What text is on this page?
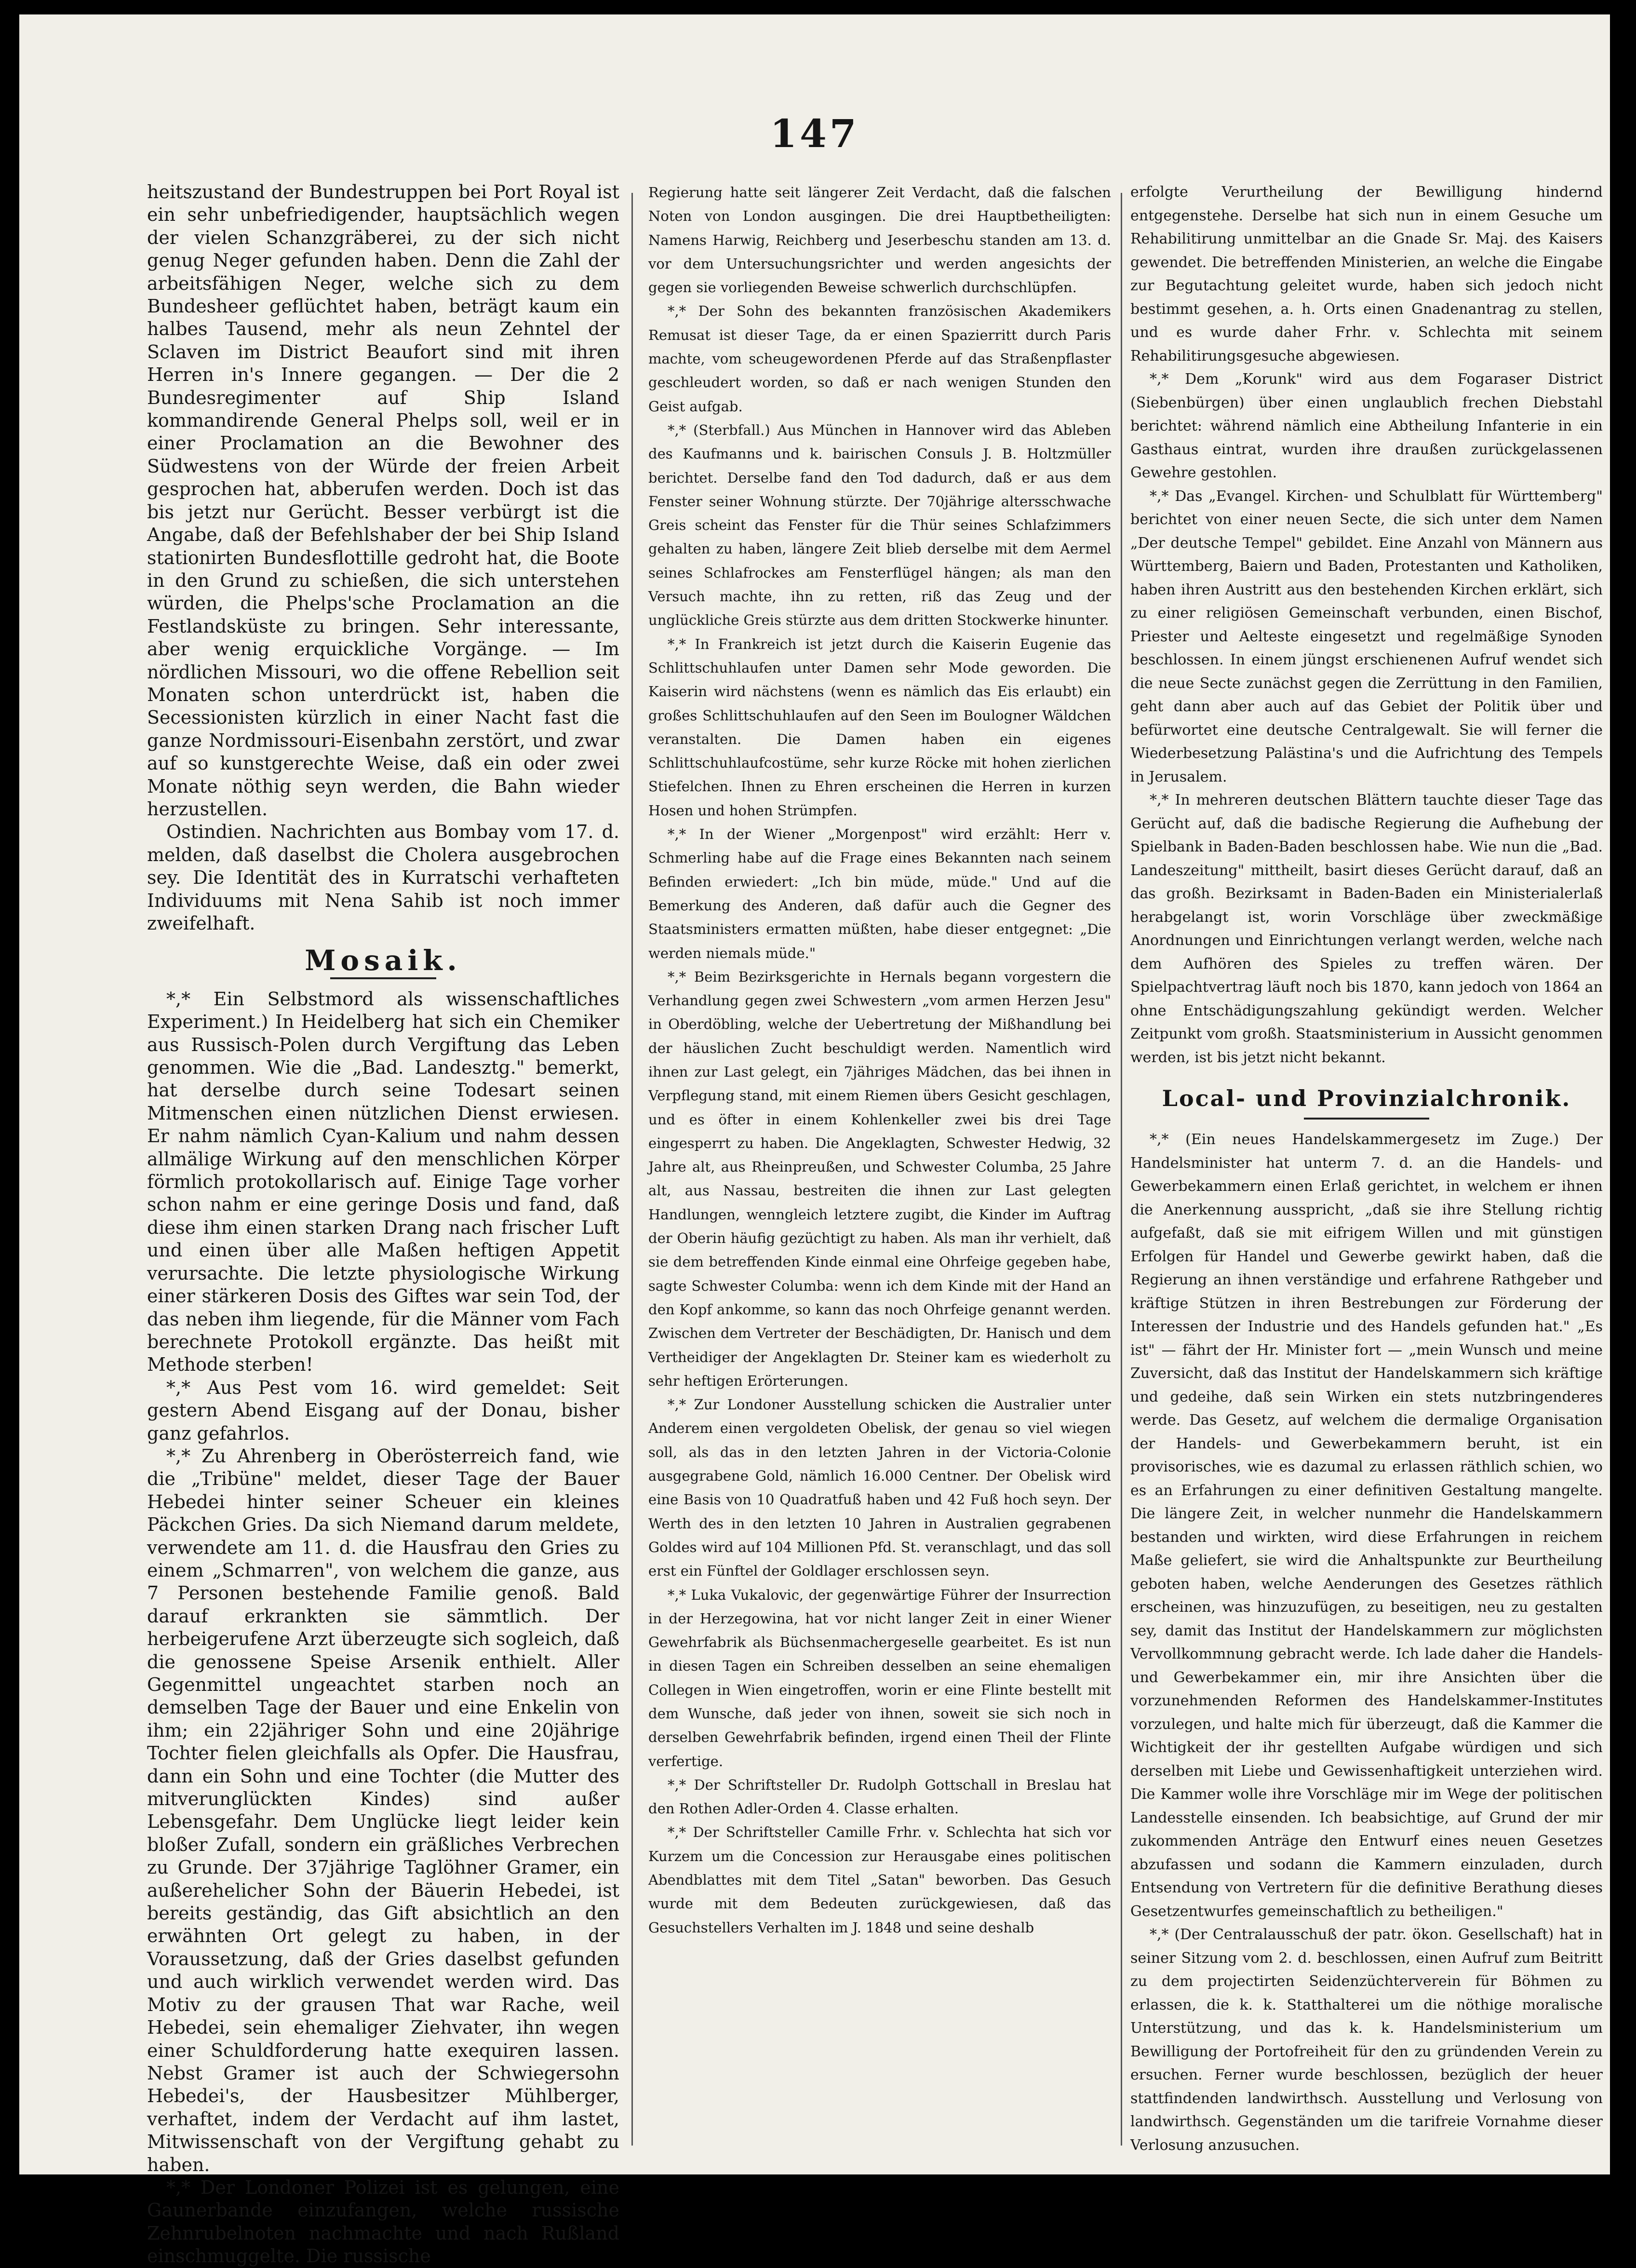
147

heitszustand der Bundestruppen bei Port Royal ist ein sehr unbefriedigender, hauptsächlich wegen der vielen Schanzgräberei, zu der sich nicht genug Neger gefunden haben. Denn die Zahl der arbeitsfähigen Neger, welche sich zu dem Bundesheer geflüchtet haben, beträgt kaum ein halbes Tausend, mehr als neun Zehntel der Sclaven im District Beaufort sind mit ihren Herren in's Innere gegangen. — Der die 2 Bundesregimenter auf Ship Island kommandirende General Phelps soll, weil er in einer Proclamation an die Bewohner des Südwestens von der Würde der freien Arbeit gesprochen hat, abberufen werden. Doch ist das bis jetzt nur Gerücht. Besser verbürgt ist die Angabe, daß der Befehlshaber der bei Ship Island stationirten Bundesflottille gedroht hat, die Boote in den Grund zu schießen, die sich unterstehen würden, die Phelps'sche Proclamation an die Festlandsküste zu bringen. Sehr interessante, aber wenig erquickliche Vorgänge. — Im nördlichen Missouri, wo die offene Rebellion seit Monaten schon unterdrückt ist, haben die Secessionisten kürzlich in einer Nacht fast die ganze Nordmissouri-Eisenbahn zerstört, und zwar auf so kunstgerechte Weise, daß ein oder zwei Monate nöthig seyn werden, die Bahn wieder herzustellen.

Ostindien. Nachrichten aus Bombay vom 17. d. melden, daß daselbst die Cholera ausgebrochen sey. Die Identität des in Kurratschi verhafteten Individuums mit Nena Sahib ist noch immer zweifelhaft.

Mosaik.

*,* Ein Selbstmord als wissenschaftliches Experiment.) In Heidelberg hat sich ein Chemiker aus Russisch-Polen durch Vergiftung das Leben genommen. Wie die „Bad. Landesztg." bemerkt, hat derselbe durch seine Todesart seinen Mitmenschen einen nützlichen Dienst erwiesen. Er nahm nämlich Cyan-Kalium und nahm dessen allmälige Wirkung auf den menschlichen Körper förmlich protokollarisch auf. Einige Tage vorher schon nahm er eine geringe Dosis und fand, daß diese ihm einen starken Drang nach frischer Luft und einen über alle Maßen heftigen Appetit verursachte. Die letzte physiologische Wirkung einer stärkeren Dosis des Giftes war sein Tod, der das neben ihm liegende, für die Männer vom Fach berechnete Protokoll ergänzte. Das heißt mit Methode sterben!

*,* Aus Pest vom 16. wird gemeldet: Seit gestern Abend Eisgang auf der Donau, bisher ganz gefahrlos.

*,* Zu Ahrenberg in Oberösterreich fand, wie die „Tribüne" meldet, dieser Tage der Bauer Hebedei hinter seiner Scheuer ein kleines Päckchen Gries. Da sich Niemand darum meldete, verwendete am 11. d. die Hausfrau den Gries zu einem „Schmarren", von welchem die ganze, aus 7 Personen bestehende Familie genoß. Bald darauf erkrankten sie sämmtlich. Der herbeigerufene Arzt überzeugte sich sogleich, daß die genossene Speise Arsenik enthielt. Aller Gegenmittel ungeachtet starben noch an demselben Tage der Bauer und eine Enkelin von ihm; ein 22jähriger Sohn und eine 20jährige Tochter fielen gleichfalls als Opfer. Die Hausfrau, dann ein Sohn und eine Tochter (die Mutter des mitverunglückten Kindes) sind außer Lebensgefahr. Dem Unglücke liegt leider kein bloßer Zufall, sondern ein gräßliches Verbrechen zu Grunde. Der 37jährige Taglöhner Gramer, ein außerehelicher Sohn der Bäuerin Hebedei, ist bereits geständig, das Gift absichtlich an den erwähnten Ort gelegt zu haben, in der Voraussetzung, daß der Gries daselbst gefunden und auch wirklich verwendet werden wird. Das Motiv zu der grausen That war Rache, weil Hebedei, sein ehemaliger Ziehvater, ihn wegen einer Schuldforderung hatte exequiren lassen. Nebst Gramer ist auch der Schwiegersohn Hebedei's, der Hausbesitzer Mühlberger, verhaftet, indem der Verdacht auf ihm lastet, Mitwissenschaft von der Vergiftung gehabt zu haben.

*,* Der Londoner Polizei ist es gelungen, eine Gaunerbande einzufangen, welche russische Zehnrubelnoten nachmachte und nach Rußland einschmuggelte. Die russische

Regierung hatte seit längerer Zeit Verdacht, daß die falschen Noten von London ausgingen. Die drei Hauptbetheiligten: Namens Harwig, Reichberg und Jeserbeschu standen am 13. d. vor dem Untersuchungsrichter und werden angesichts der gegen sie vorliegenden Beweise schwerlich durchschlüpfen.

*,* Der Sohn des bekannten französischen Akademikers Remusat ist dieser Tage, da er einen Spazierritt durch Paris machte, vom scheugewordenen Pferde auf das Straßenpflaster geschleudert worden, so daß er nach wenigen Stunden den Geist aufgab.

*,* (Sterbfall.) Aus München in Hannover wird das Ableben des Kaufmanns und k. bairischen Consuls J. B. Holtzmüller berichtet. Derselbe fand den Tod dadurch, daß er aus dem Fenster seiner Wohnung stürzte. Der 70jährige altersschwache Greis scheint das Fenster für die Thür seines Schlafzimmers gehalten zu haben, längere Zeit blieb derselbe mit dem Aermel seines Schlafrockes am Fensterflügel hängen; als man den Versuch machte, ihn zu retten, riß das Zeug und der unglückliche Greis stürzte aus dem dritten Stockwerke hinunter.

*,* In Frankreich ist jetzt durch die Kaiserin Eugenie das Schlittschuhlaufen unter Damen sehr Mode geworden. Die Kaiserin wird nächstens (wenn es nämlich das Eis erlaubt) ein großes Schlittschuhlaufen auf den Seen im Boulogner Wäldchen veranstalten. Die Damen haben ein eigenes Schlittschuhlaufcostüme, sehr kurze Röcke mit hohen zierlichen Stiefelchen. Ihnen zu Ehren erscheinen die Herren in kurzen Hosen und hohen Strümpfen.

*,* In der Wiener „Morgenpost" wird erzählt: Herr v. Schmerling habe auf die Frage eines Bekannten nach seinem Befinden erwiedert: „Ich bin müde, müde." Und auf die Bemerkung des Anderen, daß dafür auch die Gegner des Staatsministers ermatten müßten, habe dieser entgegnet: „Die werden niemals müde."

*,* Beim Bezirksgerichte in Hernals begann vorgestern die Verhandlung gegen zwei Schwestern „vom armen Herzen Jesu" in Oberdöbling, welche der Uebertretung der Mißhandlung bei der häuslichen Zucht beschuldigt werden. Namentlich wird ihnen zur Last gelegt, ein 7jähriges Mädchen, das bei ihnen in Verpflegung stand, mit einem Riemen übers Gesicht geschlagen, und es öfter in einem Kohlenkeller zwei bis drei Tage eingesperrt zu haben. Die Angeklagten, Schwester Hedwig, 32 Jahre alt, aus Rheinpreußen, und Schwester Columba, 25 Jahre alt, aus Nassau, bestreiten die ihnen zur Last gelegten Handlungen, wenngleich letztere zugibt, die Kinder im Auftrag der Oberin häufig gezüchtigt zu haben. Als man ihr verhielt, daß sie dem betreffenden Kinde einmal eine Ohrfeige gegeben habe, sagte Schwester Columba: wenn ich dem Kinde mit der Hand an den Kopf ankomme, so kann das noch Ohrfeige genannt werden. Zwischen dem Vertreter der Beschädigten, Dr. Hanisch und dem Vertheidiger der Angeklagten Dr. Steiner kam es wiederholt zu sehr heftigen Erörterungen.

*,* Zur Londoner Ausstellung schicken die Australier unter Anderem einen vergoldeten Obelisk, der genau so viel wiegen soll, als das in den letzten Jahren in der Victoria-Colonie ausgegrabene Gold, nämlich 16.000 Centner. Der Obelisk wird eine Basis von 10 Quadratfuß haben und 42 Fuß hoch seyn. Der Werth des in den letzten 10 Jahren in Australien gegrabenen Goldes wird auf 104 Millionen Pfd. St. veranschlagt, und das soll erst ein Fünftel der Goldlager erschlossen seyn.

*,* Luka Vukalovic, der gegenwärtige Führer der Insurrection in der Herzegowina, hat vor nicht langer Zeit in einer Wiener Gewehrfabrik als Büchsenmachergeselle gearbeitet. Es ist nun in diesen Tagen ein Schreiben desselben an seine ehemaligen Collegen in Wien eingetroffen, worin er eine Flinte bestellt mit dem Wunsche, daß jeder von ihnen, soweit sie sich noch in derselben Gewehrfabrik befinden, irgend einen Theil der Flinte verfertige.

*,* Der Schriftsteller Dr. Rudolph Gottschall in Breslau hat den Rothen Adler-Orden 4. Classe erhalten.

*,* Der Schriftsteller Camille Frhr. v. Schlechta hat sich vor Kurzem um die Concession zur Herausgabe eines politischen Abendblattes mit dem Titel „Satan" beworben. Das Gesuch wurde mit dem Bedeuten zurückgewiesen, daß das Gesuchstellers Verhalten im J. 1848 und seine deshalb

erfolgte Verurtheilung der Bewilligung hindernd entgegenstehe. Derselbe hat sich nun in einem Gesuche um Rehabilitirung unmittelbar an die Gnade Sr. Maj. des Kaisers gewendet. Die betreffenden Ministerien, an welche die Eingabe zur Begutachtung geleitet wurde, haben sich jedoch nicht bestimmt gesehen, a. h. Orts einen Gnadenantrag zu stellen, und es wurde daher Frhr. v. Schlechta mit seinem Rehabilitirungsgesuche abgewiesen.

*,* Dem „Korunk" wird aus dem Fogaraser District (Siebenbürgen) über einen unglaublich frechen Diebstahl berichtet: während nämlich eine Abtheilung Infanterie in ein Gasthaus eintrat, wurden ihre draußen zurückgelassenen Gewehre gestohlen.

*,* Das „Evangel. Kirchen- und Schulblatt für Württemberg" berichtet von einer neuen Secte, die sich unter dem Namen „Der deutsche Tempel" gebildet. Eine Anzahl von Männern aus Württemberg, Baiern und Baden, Protestanten und Katholiken, haben ihren Austritt aus den bestehenden Kirchen erklärt, sich zu einer religiösen Gemeinschaft verbunden, einen Bischof, Priester und Aelteste eingesetzt und regelmäßige Synoden beschlossen. In einem jüngst erschienenen Aufruf wendet sich die neue Secte zunächst gegen die Zerrüttung in den Familien, geht dann aber auch auf das Gebiet der Politik über und befürwortet eine deutsche Centralgewalt. Sie will ferner die Wiederbesetzung Palästina's und die Aufrichtung des Tempels in Jerusalem.

*,* In mehreren deutschen Blättern tauchte dieser Tage das Gerücht auf, daß die badische Regierung die Aufhebung der Spielbank in Baden-Baden beschlossen habe. Wie nun die „Bad. Landeszeitung" mittheilt, basirt dieses Gerücht darauf, daß an das großh. Bezirksamt in Baden-Baden ein Ministerialerlaß herabgelangt ist, worin Vorschläge über zweckmäßige Anordnungen und Einrichtungen verlangt werden, welche nach dem Aufhören des Spieles zu treffen wären. Der Spielpachtvertrag läuft noch bis 1870, kann jedoch von 1864 an ohne Entschädigungszahlung gekündigt werden. Welcher Zeitpunkt vom großh. Staatsministerium in Aussicht genommen werden, ist bis jetzt nicht bekannt.

Local- und Provinzialchronik.

*,* (Ein neues Handelskammergesetz im Zuge.) Der Handelsminister hat unterm 7. d. an die Handels- und Gewerbekammern einen Erlaß gerichtet, in welchem er ihnen die Anerkennung ausspricht, „daß sie ihre Stellung richtig aufgefaßt, daß sie mit eifrigem Willen und mit günstigen Erfolgen für Handel und Gewerbe gewirkt haben, daß die Regierung an ihnen verständige und erfahrene Rathgeber und kräftige Stützen in ihren Bestrebungen zur Förderung der Interessen der Industrie und des Handels gefunden hat." „Es ist" — fährt der Hr. Minister fort — „mein Wunsch und meine Zuversicht, daß das Institut der Handelskammern sich kräftige und gedeihe, daß sein Wirken ein stets nutzbringenderes werde. Das Gesetz, auf welchem die dermalige Organisation der Handels- und Gewerbekammern beruht, ist ein provisorisches, wie es dazumal zu erlassen räthlich schien, wo es an Erfahrungen zu einer definitiven Gestaltung mangelte. Die längere Zeit, in welcher nunmehr die Handelskammern bestanden und wirkten, wird diese Erfahrungen in reichem Maße geliefert, sie wird die Anhaltspunkte zur Beurtheilung geboten haben, welche Aenderungen des Gesetzes räthlich erscheinen, was hinzuzufügen, zu beseitigen, neu zu gestalten sey, damit das Institut der Handelskammern zur möglichsten Vervollkommnung gebracht werde. Ich lade daher die Handels- und Gewerbekammer ein, mir ihre Ansichten über die vorzunehmenden Reformen des Handelskammer-Institutes vorzulegen, und halte mich für überzeugt, daß die Kammer die Wichtigkeit der ihr gestellten Aufgabe würdigen und sich derselben mit Liebe und Gewissenhaftigkeit unterziehen wird. Die Kammer wolle ihre Vorschläge mir im Wege der politischen Landesstelle einsenden. Ich beabsichtige, auf Grund der mir zukommenden Anträge den Entwurf eines neuen Gesetzes abzufassen und sodann die Kammern einzuladen, durch Entsendung von Vertretern für die definitive Berathung dieses Gesetzentwurfes gemeinschaftlich zu betheiligen."

*,* (Der Centralausschuß der patr. ökon. Gesellschaft) hat in seiner Sitzung vom 2. d. beschlossen, einen Aufruf zum Beitritt zu dem projectirten Seidenzüchterverein für Böhmen zu erlassen, die k. k. Statthalterei um die nöthige moralische Unterstützung, und das k. k. Handelsministerium um Bewilligung der Portofreiheit für den zu gründenden Verein zu ersuchen. Ferner wurde beschlossen, bezüglich der heuer stattfindenden landwirthsch. Ausstellung und Verlosung von landwirthsch. Gegenständen um die tarifreie Vornahme dieser Verlosung anzusuchen.
